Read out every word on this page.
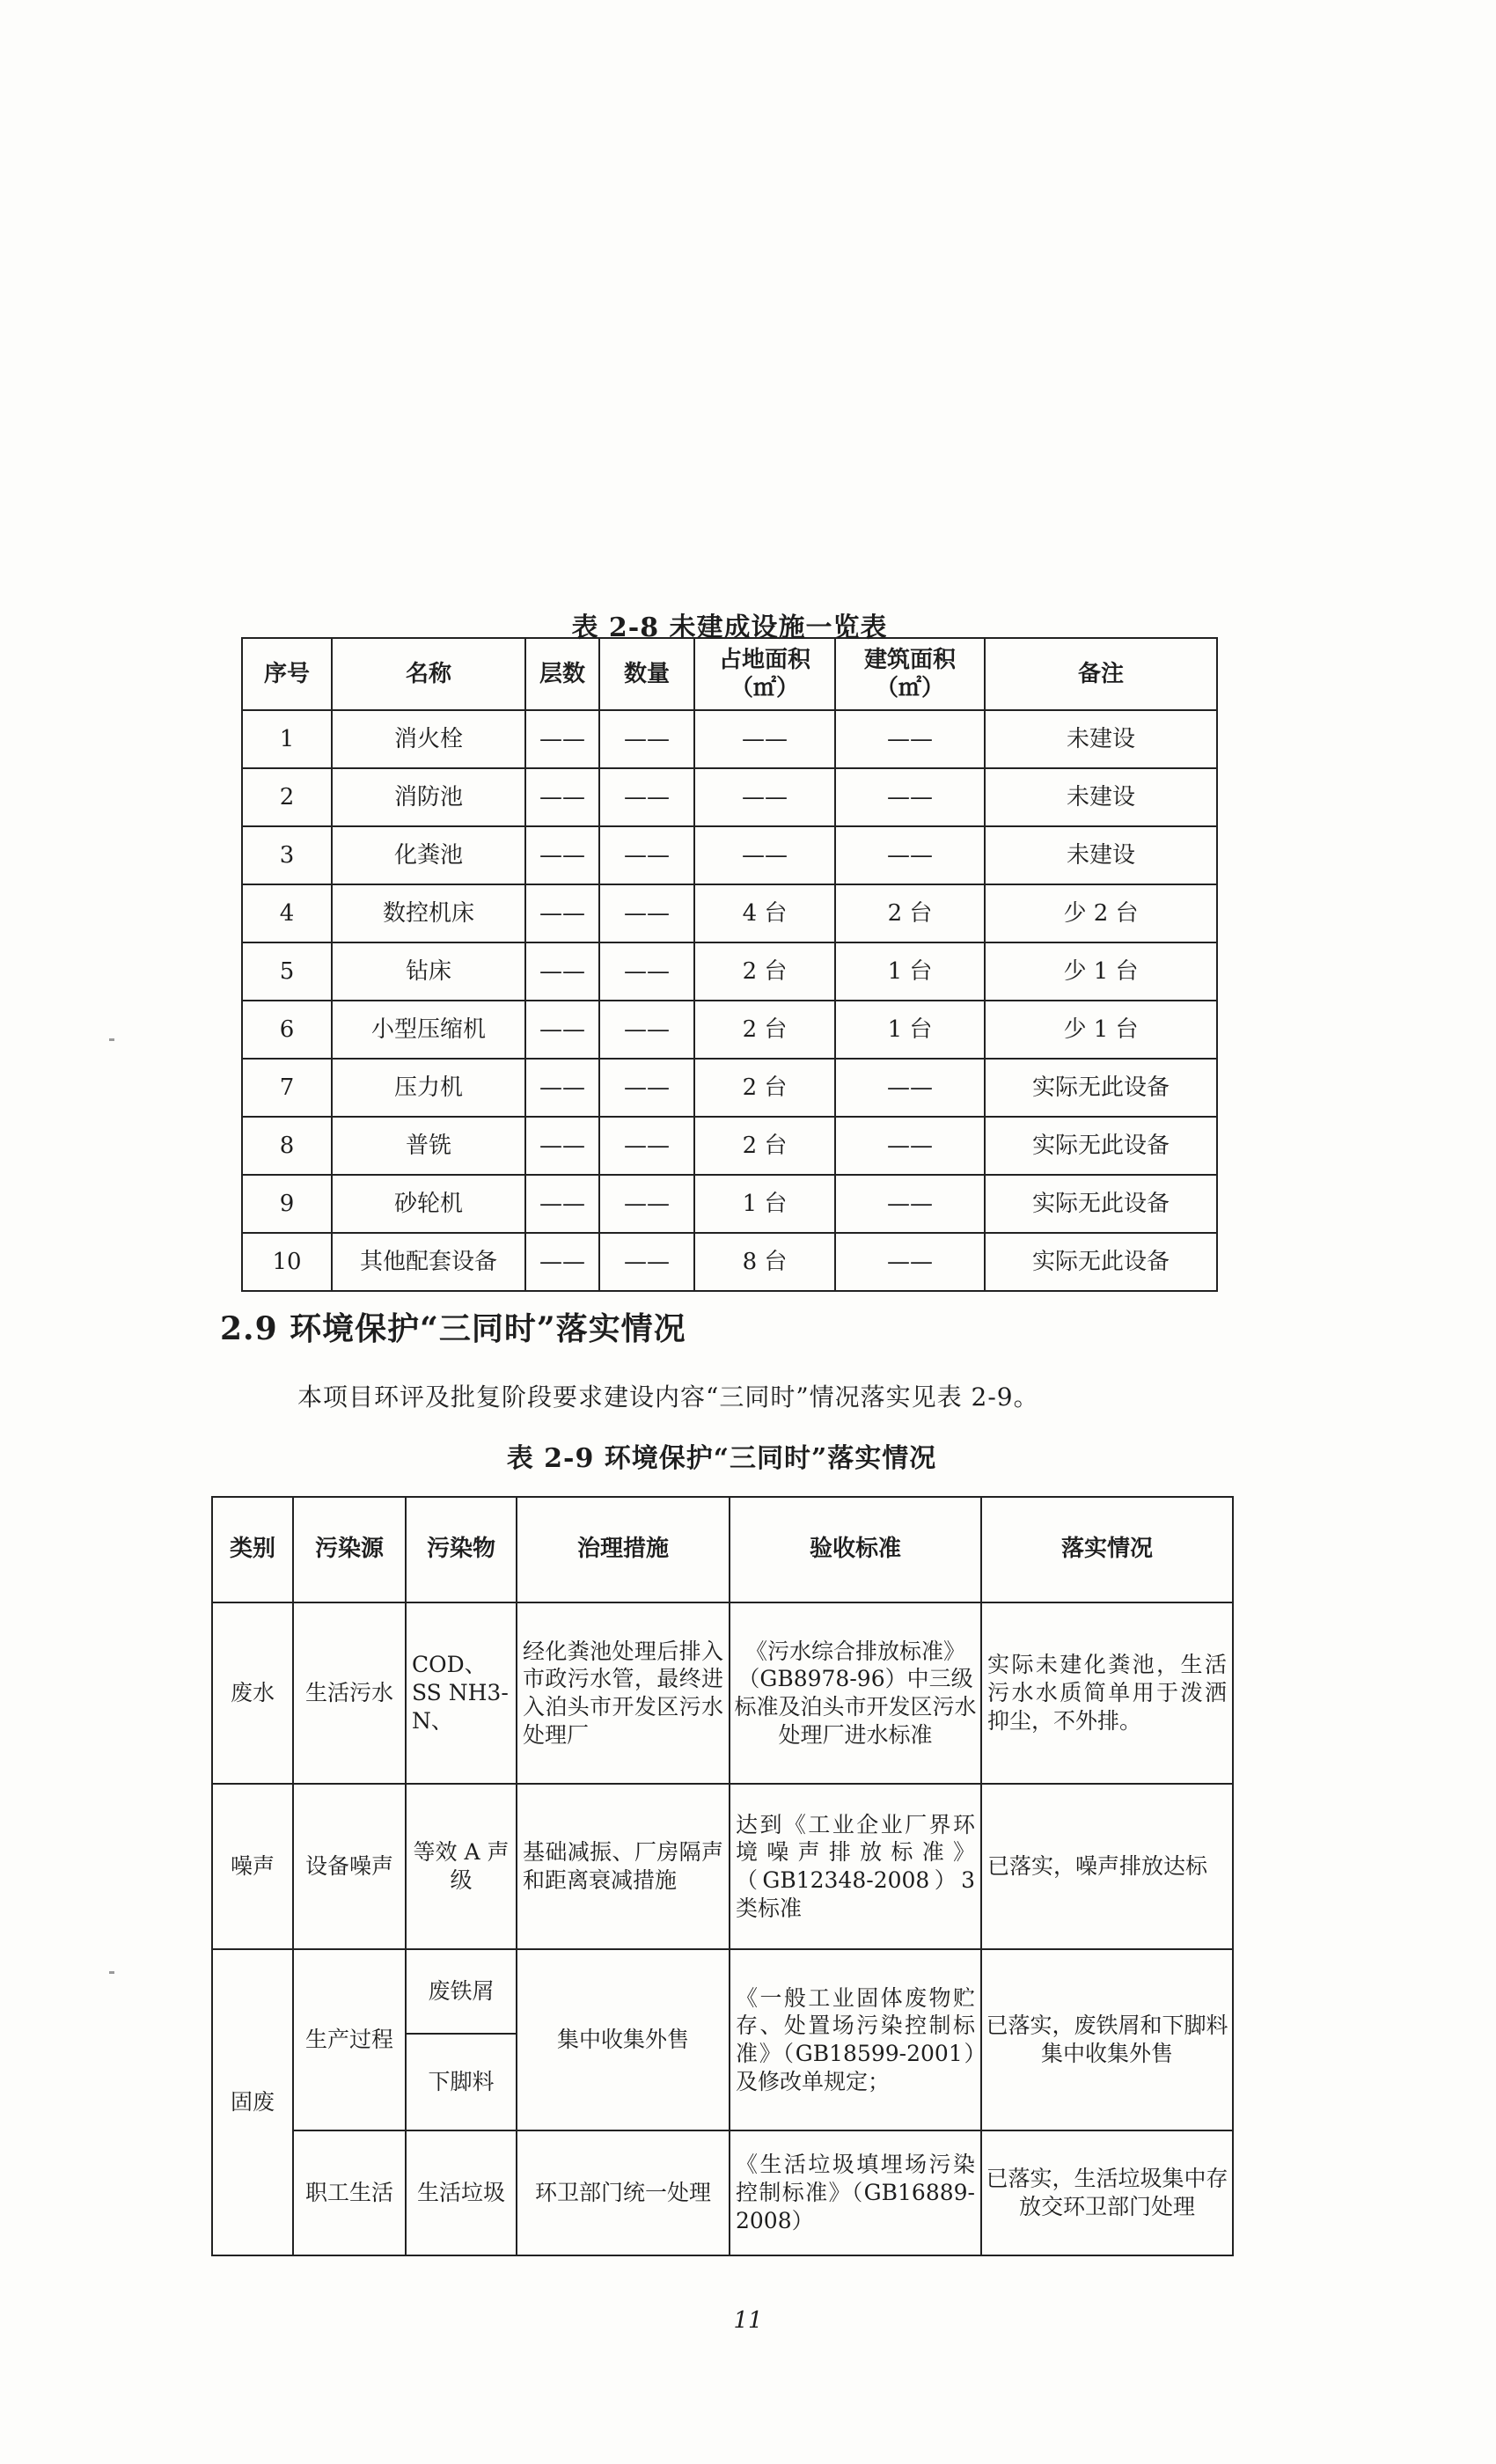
表 2-8 未建成设施一览表
序号	名称	层数	数量	占地面积（㎡）	建筑面积（㎡）	备注
1	消火栓	——	——	——	——	未建设
2	消防池	——	——	——	——	未建设
3	化粪池	——	——	——	——	未建设
4	数控机床	——	——	4 台	2 台	少 2 台
5	钻床	——	——	2 台	1 台	少 1 台
6	小型压缩机	——	——	2 台	1 台	少 1 台
7	压力机	——	——	2 台	——	实际无此设备
8	普铣	——	——	2 台	——	实际无此设备
9	砂轮机	——	——	1 台	——	实际无此设备
10	其他配套设备	——	——	8 台	——	实际无此设备
2.9 环境保护“三同时”落实情况
本项目环评及批复阶段要求建设内容“三同时”情况落实见表 2-9。
表 2-9 环境保护“三同时”落实情况
类别	污染源	污染物	治理措施	验收标准	落实情况
废水	生活污水	COD、SS NH3-N、	经化粪池处理后排入市政污水管，最终进入泊头市开发区污水处理厂	《污水综合排放标准》（GB8978-96）中三级标准及泊头市开发区污水处理厂进水标准	实际未建化粪池，生活污水水质简单用于泼洒抑尘，不外排。
噪声	设备噪声	等效 A 声级	基础减振、厂房隔声和距离衰减措施	达到《工业企业厂界环境噪声排放标准》（GB12348-2008）3 类标准	已落实，噪声排放达标
固废	生产过程	废铁屑	集中收集外售	《一般工业固体废物贮存、处置场污染控制标准》（GB18599-2001）及修改单规定；	已落实，废铁屑和下脚料集中收集外售
		下脚料			
	职工生活	生活垃圾	环卫部门统一处理	《生活垃圾填埋场污染控制标准》（GB16889-2008）	已落实，生活垃圾集中存放交环卫部门处理
11
